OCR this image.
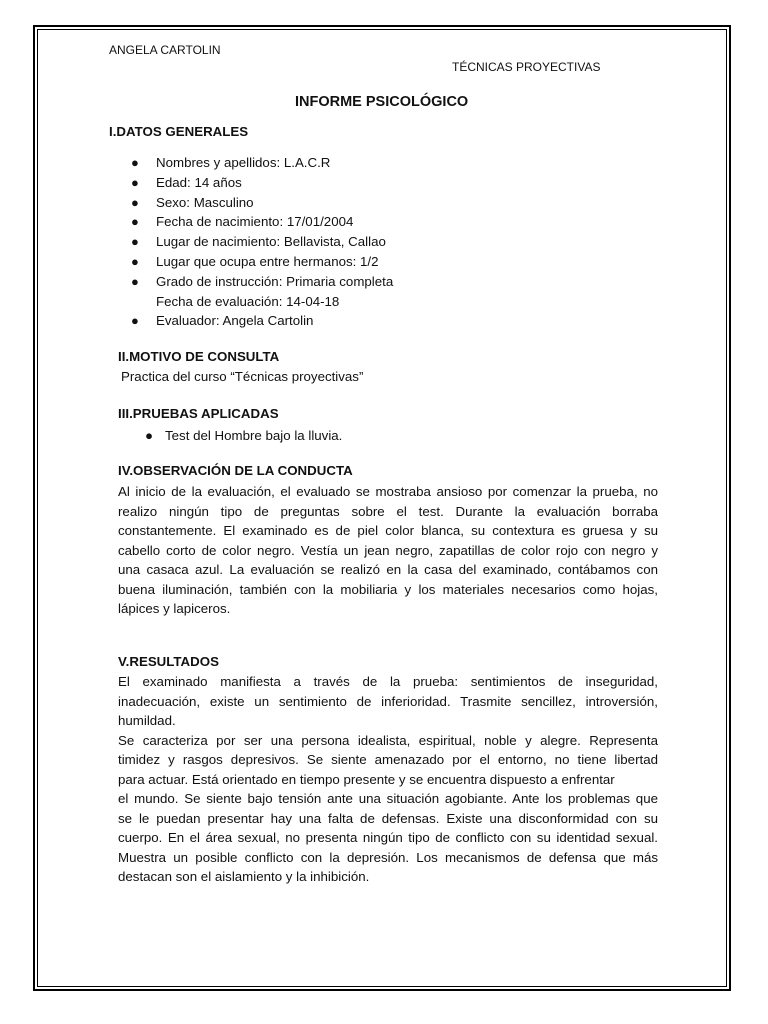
ANGELA CARTOLIN
TÉCNICAS PROYECTIVAS
INFORME PSICOLÓGICO
I.DATOS GENERALES
● Nombres y apellidos: L.A.C.R
● Edad: 14 años
● Sexo: Masculino
● Fecha de nacimiento: 17/01/2004
● Lugar de nacimiento: Bellavista, Callao
● Lugar que ocupa entre hermanos: 1/2
● Grado de instrucción: Primaria completa
Fecha de evaluación: 14-04-18
● Evaluador: Angela Cartolin
II.MOTIVO DE CONSULTA
Practica del curso “Técnicas proyectivas”
III.PRUEBAS APLICADAS
● Test del Hombre bajo la lluvia.
IV.OBSERVACIÓN DE LA CONDUCTA
Al inicio de la evaluación, el evaluado se mostraba ansioso por comenzar la prueba, no
realizo ningún tipo de preguntas sobre el test. Durante la evaluación borraba
constantemente. El examinado es de piel color blanca, su contextura es gruesa y su
cabello corto de color negro. Vestía un jean negro, zapatillas de color rojo con negro y
una casaca azul. La evaluación se realizó en la casa del examinado, contábamos con
buena iluminación, también con la mobiliaria y los materiales necesarios como hojas,
lápices y lapiceros.
V.RESULTADOS
El examinado manifiesta a través de la prueba: sentimientos de inseguridad,
inadecuación, existe un sentimiento de inferioridad. Trasmite sencillez, introversión,
humildad.
Se caracteriza por ser una persona idealista, espiritual, noble y alegre. Representa
timidez y rasgos depresivos. Se siente amenazado por el entorno, no tiene libertad
para actuar. Está orientado en tiempo presente y se encuentra dispuesto a enfrentar
el mundo. Se siente bajo tensión ante una situación agobiante. Ante los problemas que
se le puedan presentar hay una falta de defensas. Existe una disconformidad con su
cuerpo. En el área sexual, no presenta ningún tipo de conflicto con su identidad sexual.
Muestra un posible conflicto con la depresión. Los mecanismos de defensa que más
destacan son el aislamiento y la inhibición.
